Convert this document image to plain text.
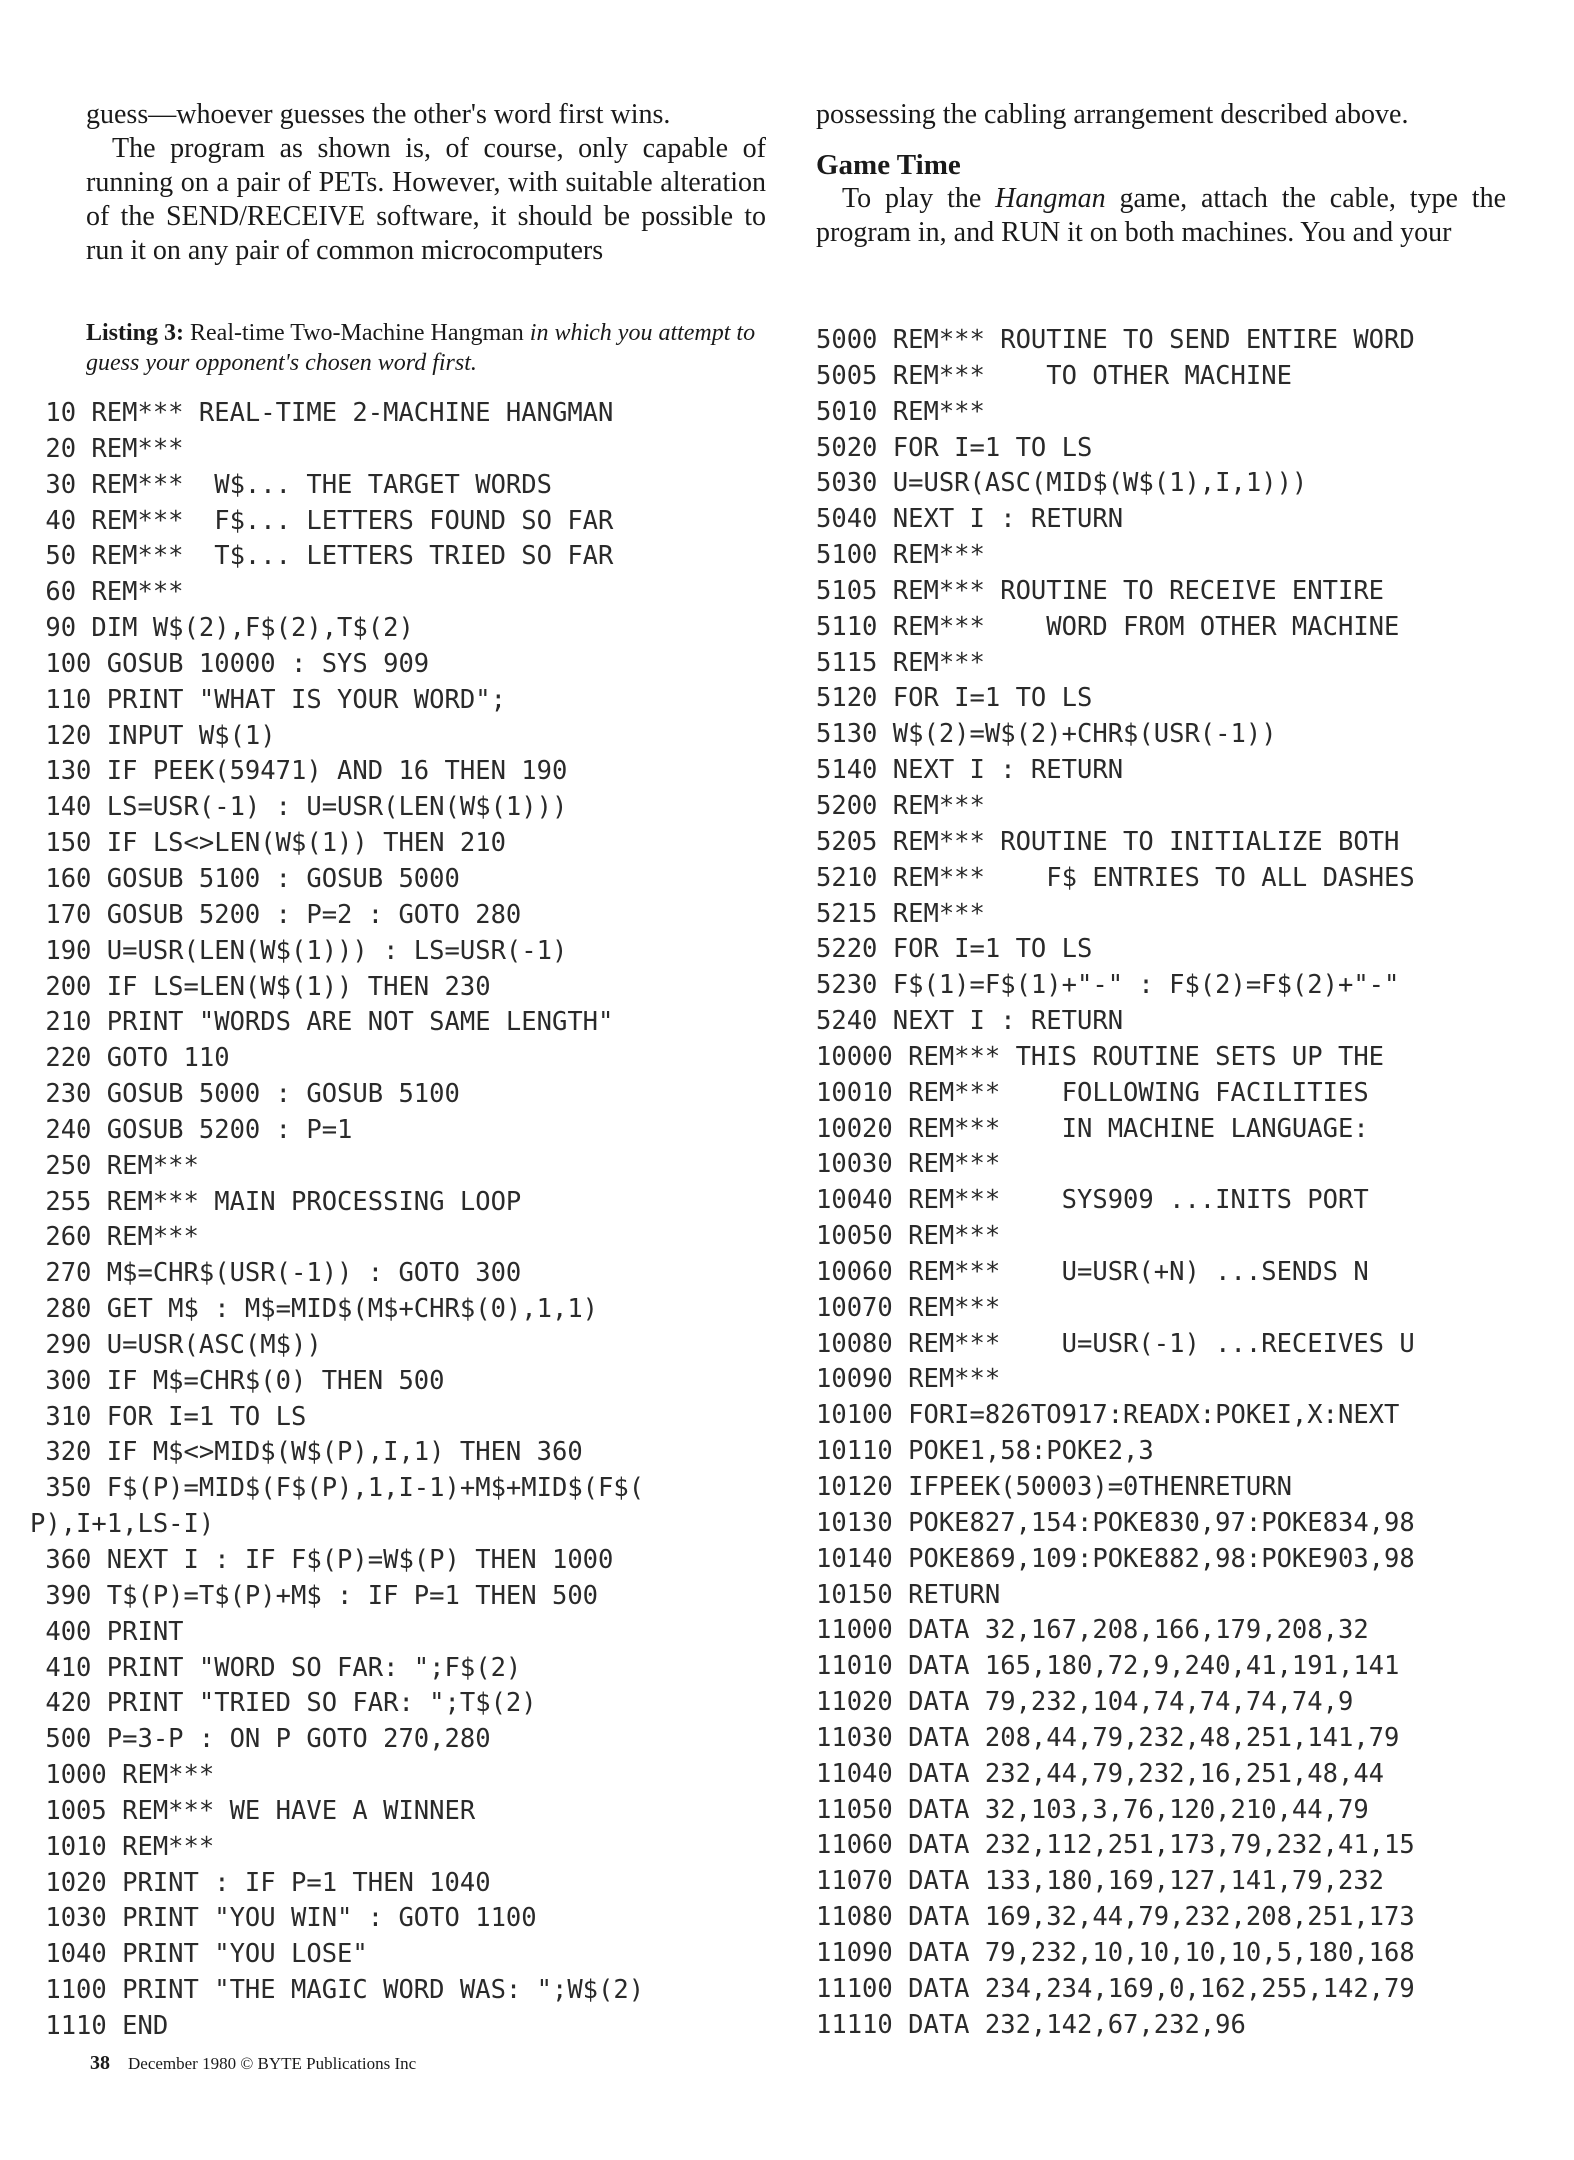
guess—whoever guesses the other's word first wins.

The program as shown is, of course, only capable of running on a pair of PETs. However, with suitable alteration of the SEND/RECEIVE software, it should be possible to run it on any pair of common microcomputers

possessing the cabling arrangement described above.

Game Time

To play the Hangman game, attach the cable, type the program in, and RUN it on both machines. You and your

Listing 3: Real-time Two-Machine Hangman in which you attempt to guess your opponent's chosen word first.
10 REM*** REAL-TIME 2-MACHINE HANGMAN
20 REM***
30 REM***  W$... THE TARGET WORDS
40 REM***  F$... LETTERS FOUND SO FAR
50 REM***  T$... LETTERS TRIED SO FAR
60 REM***
90 DIM W$(2),F$(2),T$(2)
100 GOSUB 10000 : SYS 909
110 PRINT "WHAT IS YOUR WORD";
120 INPUT W$(1)
130 IF PEEK(59471) AND 16 THEN 190
140 LS=USR(-1) : U=USR(LEN(W$(1)))
150 IF LS<>LEN(W$(1)) THEN 210
160 GOSUB 5100 : GOSUB 5000
170 GOSUB 5200 : P=2 : GOTO 280
190 U=USR(LEN(W$(1))) : LS=USR(-1)
200 IF LS=LEN(W$(1)) THEN 230
210 PRINT "WORDS ARE NOT SAME LENGTH"
220 GOTO 110
230 GOSUB 5000 : GOSUB 5100
240 GOSUB 5200 : P=1
250 REM***
255 REM*** MAIN PROCESSING LOOP
260 REM***
270 M$=CHR$(USR(-1)) : GOTO 300
280 GET M$ : M$=MID$(M$+CHR$(0),1,1)
290 U=USR(ASC(M$))
300 IF M$=CHR$(0) THEN 500
310 FOR I=1 TO LS
320 IF M$<>MID$(W$(P),I,1) THEN 360
350 F$(P)=MID$(F$(P),1,I-1)+M$+MID$(F$(
P),I+1,LS-I)
360 NEXT I : IF F$(P)=W$(P) THEN 1000
390 T$(P)=T$(P)+M$ : IF P=1 THEN 500
400 PRINT
410 PRINT "WORD SO FAR: ";F$(2)
420 PRINT "TRIED SO FAR: ";T$(2)
500 P=3-P : ON P GOTO 270,280
1000 REM***
1005 REM*** WE HAVE A WINNER
1010 REM***
1020 PRINT : IF P=1 THEN 1040
1030 PRINT "YOU WIN" : GOTO 1100
1040 PRINT "YOU LOSE"
1100 PRINT "THE MAGIC WORD WAS: ";W$(2)
1110 END
5000 REM*** ROUTINE TO SEND ENTIRE WORD
5005 REM***    TO OTHER MACHINE
5010 REM***
5020 FOR I=1 TO LS
5030 U=USR(ASC(MID$(W$(1),I,1)))
5040 NEXT I : RETURN
5100 REM***
5105 REM*** ROUTINE TO RECEIVE ENTIRE
5110 REM***    WORD FROM OTHER MACHINE
5115 REM***
5120 FOR I=1 TO LS
5130 W$(2)=W$(2)+CHR$(USR(-1))
5140 NEXT I : RETURN
5200 REM***
5205 REM*** ROUTINE TO INITIALIZE BOTH
5210 REM***    F$ ENTRIES TO ALL DASHES
5215 REM***
5220 FOR I=1 TO LS
5230 F$(1)=F$(1)+"-" : F$(2)=F$(2)+"-"
5240 NEXT I : RETURN
10000 REM*** THIS ROUTINE SETS UP THE
10010 REM***    FOLLOWING FACILITIES
10020 REM***    IN MACHINE LANGUAGE:
10030 REM***
10040 REM***    SYS909 ...INITS PORT
10050 REM***
10060 REM***    U=USR(+N) ...SENDS N
10070 REM***
10080 REM***    U=USR(-1) ...RECEIVES U
10090 REM***
10100 FORI=826TO917:READX:POKEI,X:NEXT
10110 POKE1,58:POKE2,3
10120 IFPEEK(50003)=0THENRETURN
10130 POKE827,154:POKE830,97:POKE834,98
10140 POKE869,109:POKE882,98:POKE903,98
10150 RETURN
11000 DATA 32,167,208,166,179,208,32
11010 DATA 165,180,72,9,240,41,191,141
11020 DATA 79,232,104,74,74,74,74,9
11030 DATA 208,44,79,232,48,251,141,79
11040 DATA 232,44,79,232,16,251,48,44
11050 DATA 32,103,3,76,120,210,44,79
11060 DATA 232,112,251,173,79,232,41,15
11070 DATA 133,180,169,127,141,79,232
11080 DATA 169,32,44,79,232,208,251,173
11090 DATA 79,232,10,10,10,10,5,180,168
11100 DATA 234,234,169,0,162,255,142,79
11110 DATA 232,142,67,232,96
38 December 1980 © BYTE Publications Inc
